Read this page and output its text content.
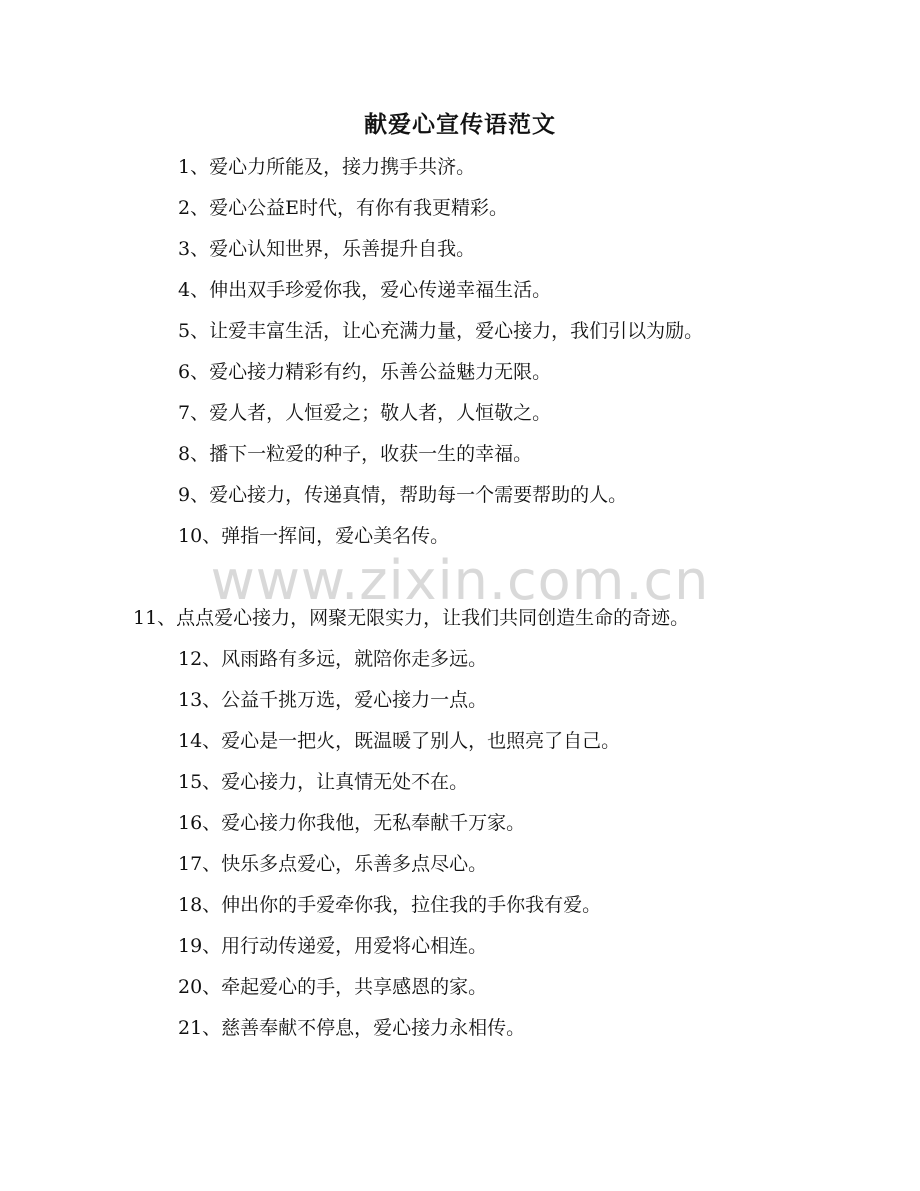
献爱心宣传语范文
www.zixin.com.cn
1、爱心力所能及，接力携手共济。
2、爱心公益E时代，有你有我更精彩。
3、爱心认知世界，乐善提升自我。
4、伸出双手珍爱你我，爱心传递幸福生活。
5、让爱丰富生活，让心充满力量，爱心接力，我们引以为励。
6、爱心接力精彩有约，乐善公益魅力无限。
7、爱人者，人恒爱之；敬人者，人恒敬之。
8、播下一粒爱的种子，收获一生的幸福。
9、爱心接力，传递真情，帮助每一个需要帮助的人。
10、弹指一挥间，爱心美名传。
11、点点爱心接力，网聚无限实力，让我们共同创造生命的奇迹。
12、风雨路有多远，就陪你走多远。
13、公益千挑万选，爱心接力一点。
14、爱心是一把火，既温暖了别人，也照亮了自己。
15、爱心接力，让真情无处不在。
16、爱心接力你我他，无私奉献千万家。
17、快乐多点爱心，乐善多点尽心。
18、伸出你的手爱牵你我，拉住我的手你我有爱。
19、用行动传递爱，用爱将心相连。
20、牵起爱心的手，共享感恩的家。
21、慈善奉献不停息，爱心接力永相传。
